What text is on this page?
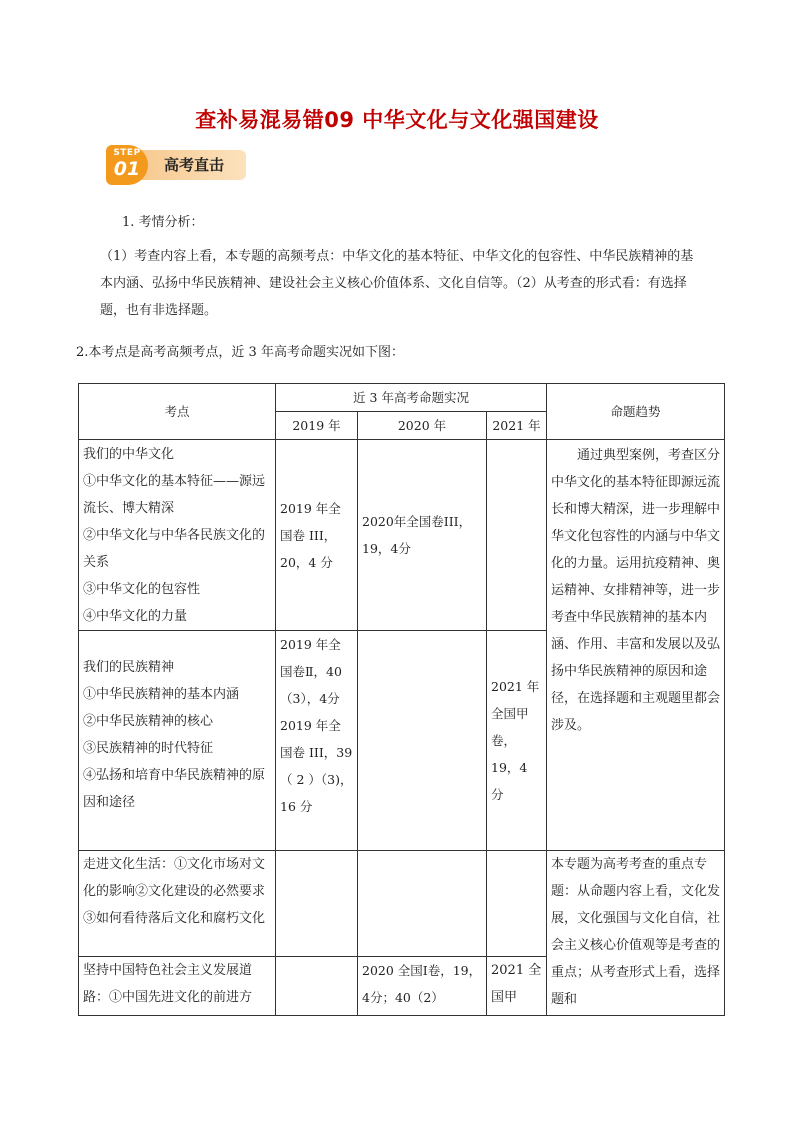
查补易混易错09 中华文化与文化强国建设
STEP
01	高考直击
1. 考情分析：
（1）考查内容上看，本专题的高频考点：中华文化的基本特征、中华文化的包容性、中华民族精神的基本内涵、弘扬中华民族精神、建设社会主义核心价值体系、文化自信等。（2）从考查的形式看：有选择题，也有非选择题。
2.本考点是高考高频考点，近 3 年高考命题实况如下图：
考点	近 3 年高考命题实况			命题趋势
	2019 年	2020 年	2021 年	

我们的中华文化
①中华文化的基本特征——源远流长、博大精深
②中华文化与中华各民族文化的关系
③中华文化的包容性
④中华文化的力量	2019 年全国卷 III，20，4 分	2020年全国卷III，19，4分		通过典型案例，考查区分中华文化的基本特征即源远流长和博大精深，进一步理解中华文化包容性的内涵与中华文化的力量。运用抗疫精神、奥运精神、女排精神等，进一步考查中华民族精神的基本内涵、作用、丰富和发展以及弘扬中华民族精神的原因和途径，在选择题和主观题里都会涉及。

我们的民族精神
①中华民族精神的基本内涵
②中华民族精神的核心
③民族精神的时代特征
④弘扬和培育中华民族精神的原因和途径	2019 年全国卷Ⅱ，40（3），4分 2019 年全国卷 III，39 （ 2 ）（3)，16 分		2021 年全国甲卷，19，4 分	
走进文化生活：①文化市场对文化的影响②文化建设的必然要求③如何看待落后文化和腐朽文化				本专题为高考考查的重点专题：从命题内容上看，文化发展，文化强国与文化自信，社会主义核心价值观等是考查的重点；从考查形式上看，选择题和
坚持中国特色社会主义发展道路：①中国先进文化的前进方		2020 全国Ⅰ卷，19，4分；40（2）	2021 全国甲	
